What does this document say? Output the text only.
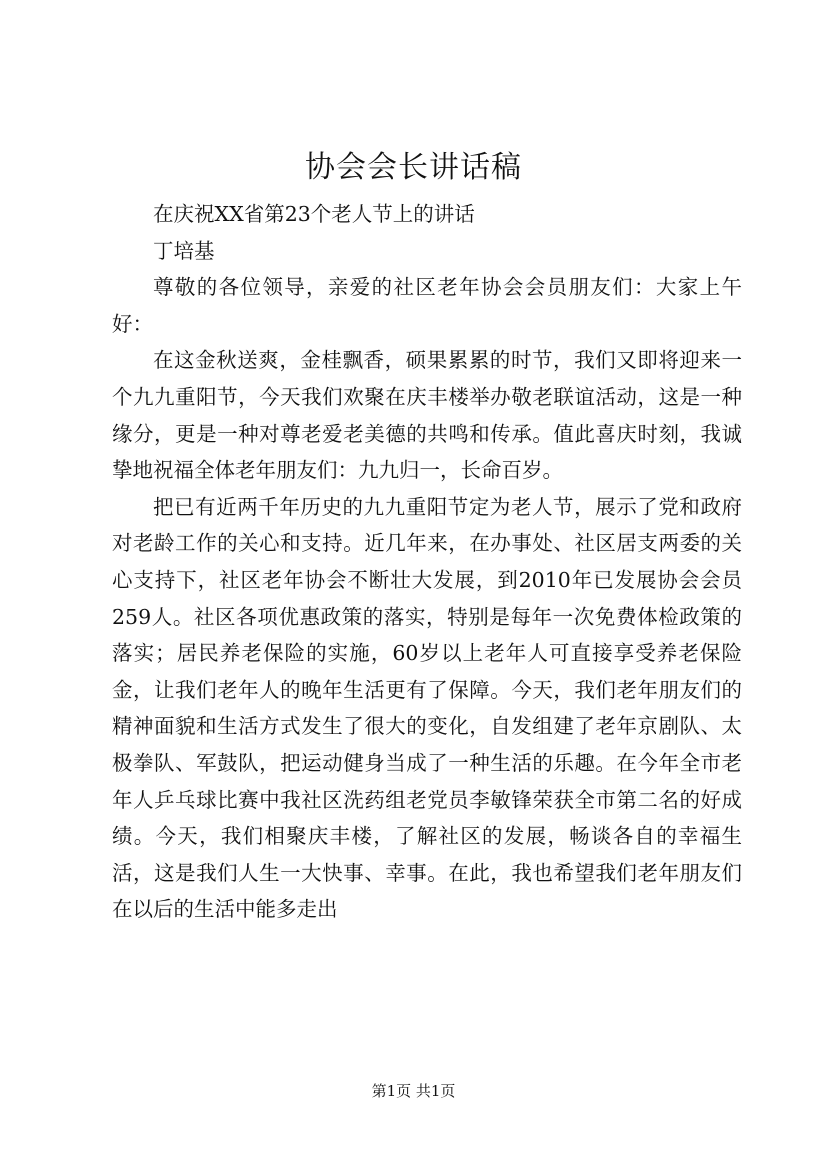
协会会长讲话稿

在庆祝XX省第23个老人节上的讲话

丁培基

尊敬的各位领导，亲爱的社区老年协会会员朋友们：大家上午好：

在这金秋送爽，金桂飘香，硕果累累的时节，我们又即将迎来一个九九重阳节，今天我们欢聚在庆丰楼举办敬老联谊活动，这是一种缘分，更是一种对尊老爱老美德的共鸣和传承。值此喜庆时刻，我诚挚地祝福全体老年朋友们：九九归一，长命百岁。

把已有近两千年历史的九九重阳节定为老人节，展示了党和政府对老龄工作的关心和支持。近几年来，在办事处、社区居支两委的关心支持下，社区老年协会不断壮大发展，到2010年已发展协会会员259人。社区各项优惠政策的落实，特别是每年一次免费体检政策的落实；居民养老保险的实施，60岁以上老年人可直接享受养老保险金，让我们老年人的晚年生活更有了保障。今天，我们老年朋友们的精神面貌和生活方式发生了很大的变化，自发组建了老年京剧队、太极拳队、军鼓队，把运动健身当成了一种生活的乐趣。在今年全市老年人乒乓球比赛中我社区洗药组老党员李敏锋荣获全市第二名的好成绩。今天，我们相聚庆丰楼，了解社区的发展，畅谈各自的幸福生活，这是我们人生一大快事、幸事。在此，我也希望我们老年朋友们在以后的生活中能多走出

第1页 共1页
